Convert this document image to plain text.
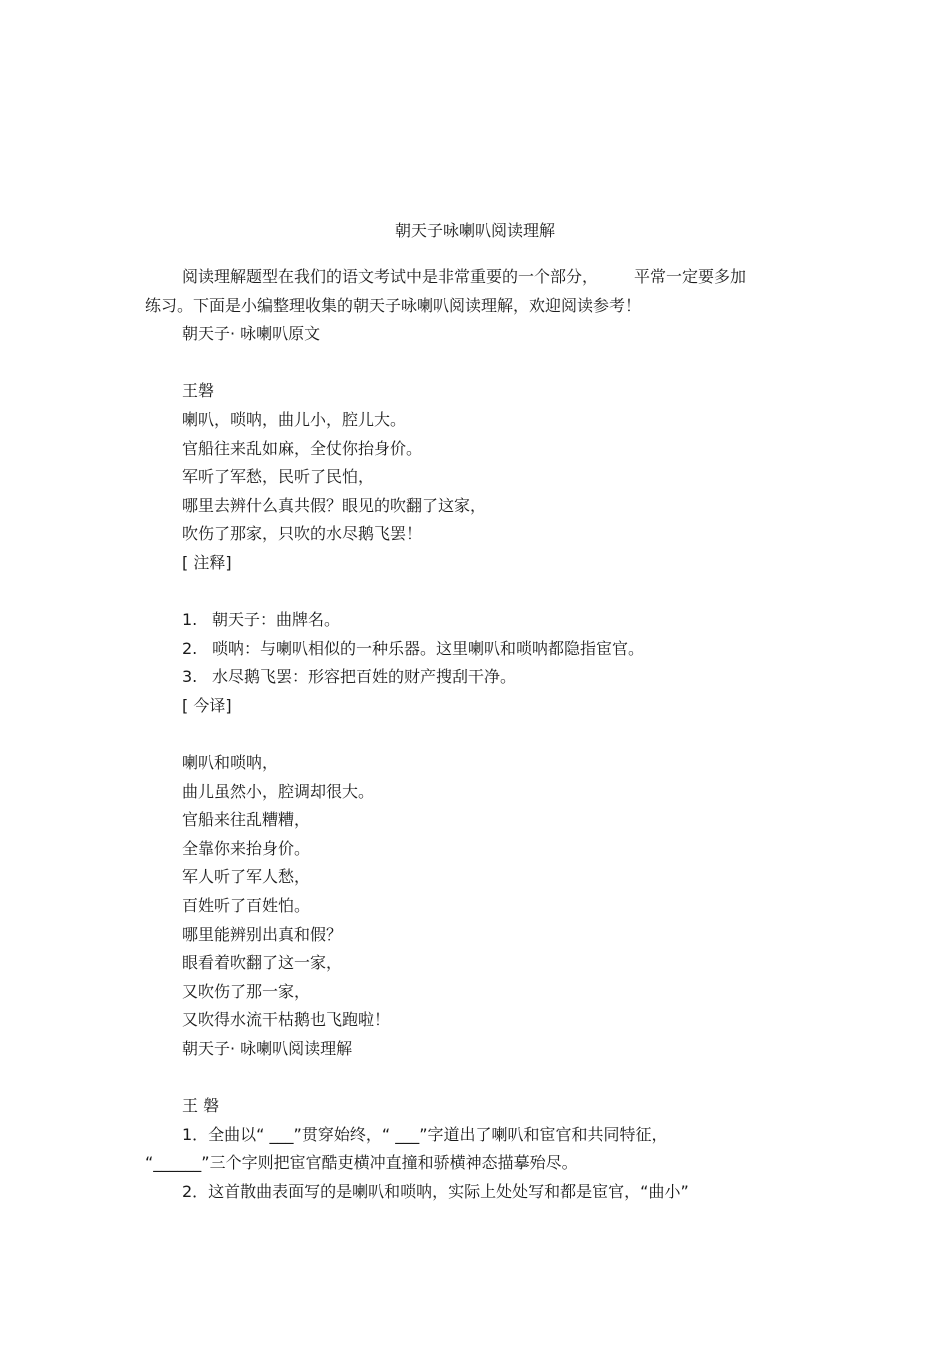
朝天子咏喇叭阅读理解
阅读理解题型在我们的语文考试中是非常重要的一个部分， 平常一定要多加
练习。下面是小编整理收集的朝天子咏喇叭阅读理解，欢迎阅读参考！
朝天子· 咏喇叭原文
王磐
喇叭，唢呐，曲儿小，腔儿大。
官船往来乱如麻，全仗你抬身价。
军听了军愁，民听了民怕，
哪里去辨什么真共假？眼见的吹翻了这家，
吹伤了那家，只吹的水尽鹅飞罢！
[ 注释]
1. 朝天子：曲牌名。
2. 唢呐：与喇叭相似的一种乐器。这里喇叭和唢呐都隐指宦官。
3. 水尽鹅飞罢：形容把百姓的财产搜刮干净。
[ 今译]
喇叭和唢呐，
曲儿虽然小，腔调却很大。
官船来往乱糟糟，
全靠你来抬身价。
军人听了军人愁，
百姓听了百姓怕。
哪里能辨别出真和假？
眼看着吹翻了这一家，
又吹伤了那一家，
又吹得水流干枯鹅也飞跑啦！
朝天子· 咏喇叭阅读理解
王 磐
1．全曲以“ ___”贯穿始终，“ ___”字道出了喇叭和宦官和共同特征，
“______”三个字则把宦官酷吏横冲直撞和骄横神态描摹殆尽。
2．这首散曲表面写的是喇叭和唢呐，实际上处处写和都是宦官，“曲小”
